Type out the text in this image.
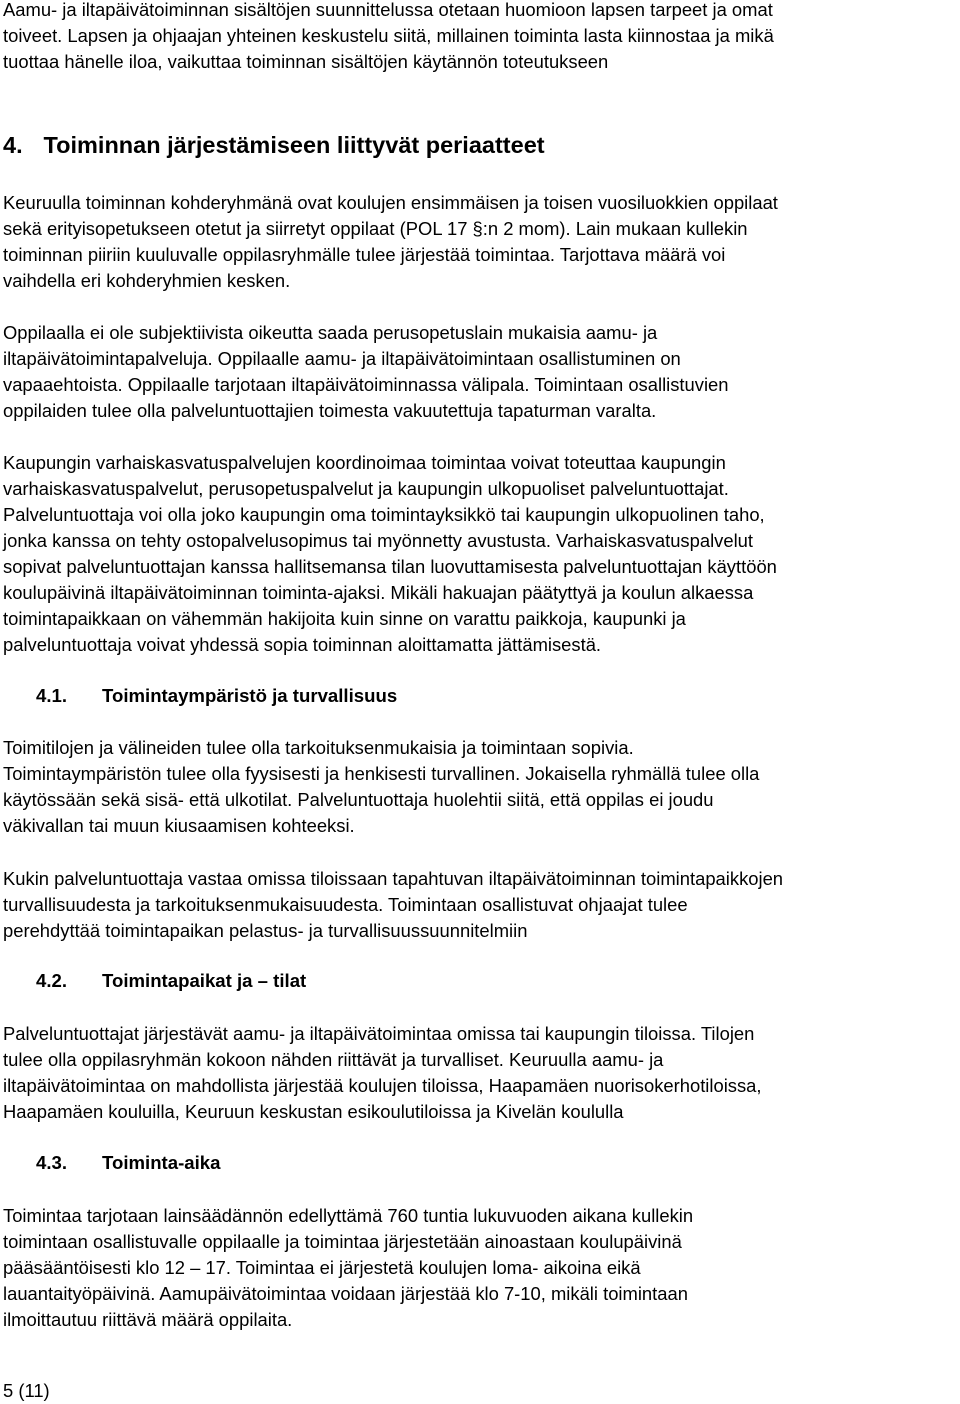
Aamu- ja iltapäivätoiminnan sisältöjen suunnittelussa otetaan huomioon lapsen tarpeet ja omat
toiveet. Lapsen ja ohjaajan yhteinen keskustelu siitä, millainen toiminta lasta kiinnostaa ja mikä
tuottaa hänelle iloa, vaikuttaa toiminnan sisältöjen käytännön toteutukseen

4. Toiminnan järjestämiseen liittyvät periaatteet

Keuruulla toiminnan kohderyhmänä ovat koulujen ensimmäisen ja toisen vuosiluokkien oppilaat
sekä erityisopetukseen otetut ja siirretyt oppilaat (POL 17 §:n 2 mom). Lain mukaan kullekin
toiminnan piiriin kuuluvalle oppilasryhmälle tulee järjestää toimintaa. Tarjottava määrä voi
vaihdella eri kohderyhmien kesken.

Oppilaalla ei ole subjektiivista oikeutta saada perusopetuslain mukaisia aamu- ja
iltapäivätoimintapalveluja. Oppilaalle aamu- ja iltapäivätoimintaan osallistuminen on
vapaaehtoista. Oppilaalle tarjotaan iltapäivätoiminnassa välipala. Toimintaan osallistuvien
oppilaiden tulee olla palveluntuottajien toimesta vakuutettuja tapaturman varalta.

Kaupungin varhaiskasvatuspalvelujen koordinoimaa toimintaa voivat toteuttaa kaupungin
varhaiskasvatuspalvelut, perusopetuspalvelut ja kaupungin ulkopuoliset palveluntuottajat.
Palveluntuottaja voi olla joko kaupungin oma toimintayksikkö tai kaupungin ulkopuolinen taho,
jonka kanssa on tehty ostopalvelusopimus tai myönnetty avustusta. Varhaiskasvatuspalvelut
sopivat palveluntuottajan kanssa hallitsemansa tilan luovuttamisesta palveluntuottajan käyttöön
koulupäivinä iltapäivätoiminnan toiminta-ajaksi. Mikäli hakuajan päätyttyä ja koulun alkaessa
toimintapaikkaan on vähemmän hakijoita kuin sinne on varattu paikkoja, kaupunki ja
palveluntuottaja voivat yhdessä sopia toiminnan aloittamatta jättämisestä.

4.1. Toimintaympäristö ja turvallisuus

Toimitilojen ja välineiden tulee olla tarkoituksenmukaisia ja toimintaan sopivia.
Toimintaympäristön tulee olla fyysisesti ja henkisesti turvallinen. Jokaisella ryhmällä tulee olla
käytössään sekä sisä- että ulkotilat. Palveluntuottaja huolehtii siitä, että oppilas ei joudu
väkivallan tai muun kiusaamisen kohteeksi.

Kukin palveluntuottaja vastaa omissa tiloissaan tapahtuvan iltapäivätoiminnan toimintapaikkojen
turvallisuudesta ja tarkoituksenmukaisuudesta. Toimintaan osallistuvat ohjaajat tulee
perehdyttää toimintapaikan pelastus- ja turvallisuussuunnitelmiin

4.2. Toimintapaikat ja – tilat

Palveluntuottajat järjestävät aamu- ja iltapäivätoimintaa omissa tai kaupungin tiloissa. Tilojen
tulee olla oppilasryhmän kokoon nähden riittävät ja turvalliset. Keuruulla aamu- ja
iltapäivätoimintaa on mahdollista järjestää koulujen tiloissa, Haapamäen nuorisokerhotiloissa,
Haapamäen kouluilla, Keuruun keskustan esikoulutiloissa ja Kivelän koululla

4.3. Toiminta-aika

Toimintaa tarjotaan lainsäädännön edellyttämä 760 tuntia lukuvuoden aikana kullekin
toimintaan osallistuvalle oppilaalle ja toimintaa järjestetään ainoastaan koulupäivinä
pääsääntöisesti klo 12 – 17. Toimintaa ei järjestetä koulujen loma- aikoina eikä
lauantaityöpäivinä. Aamupäivätoimintaa voidaan järjestää klo 7-10, mikäli toimintaan
ilmoittautuu riittävä määrä oppilaita.

5 (11)
